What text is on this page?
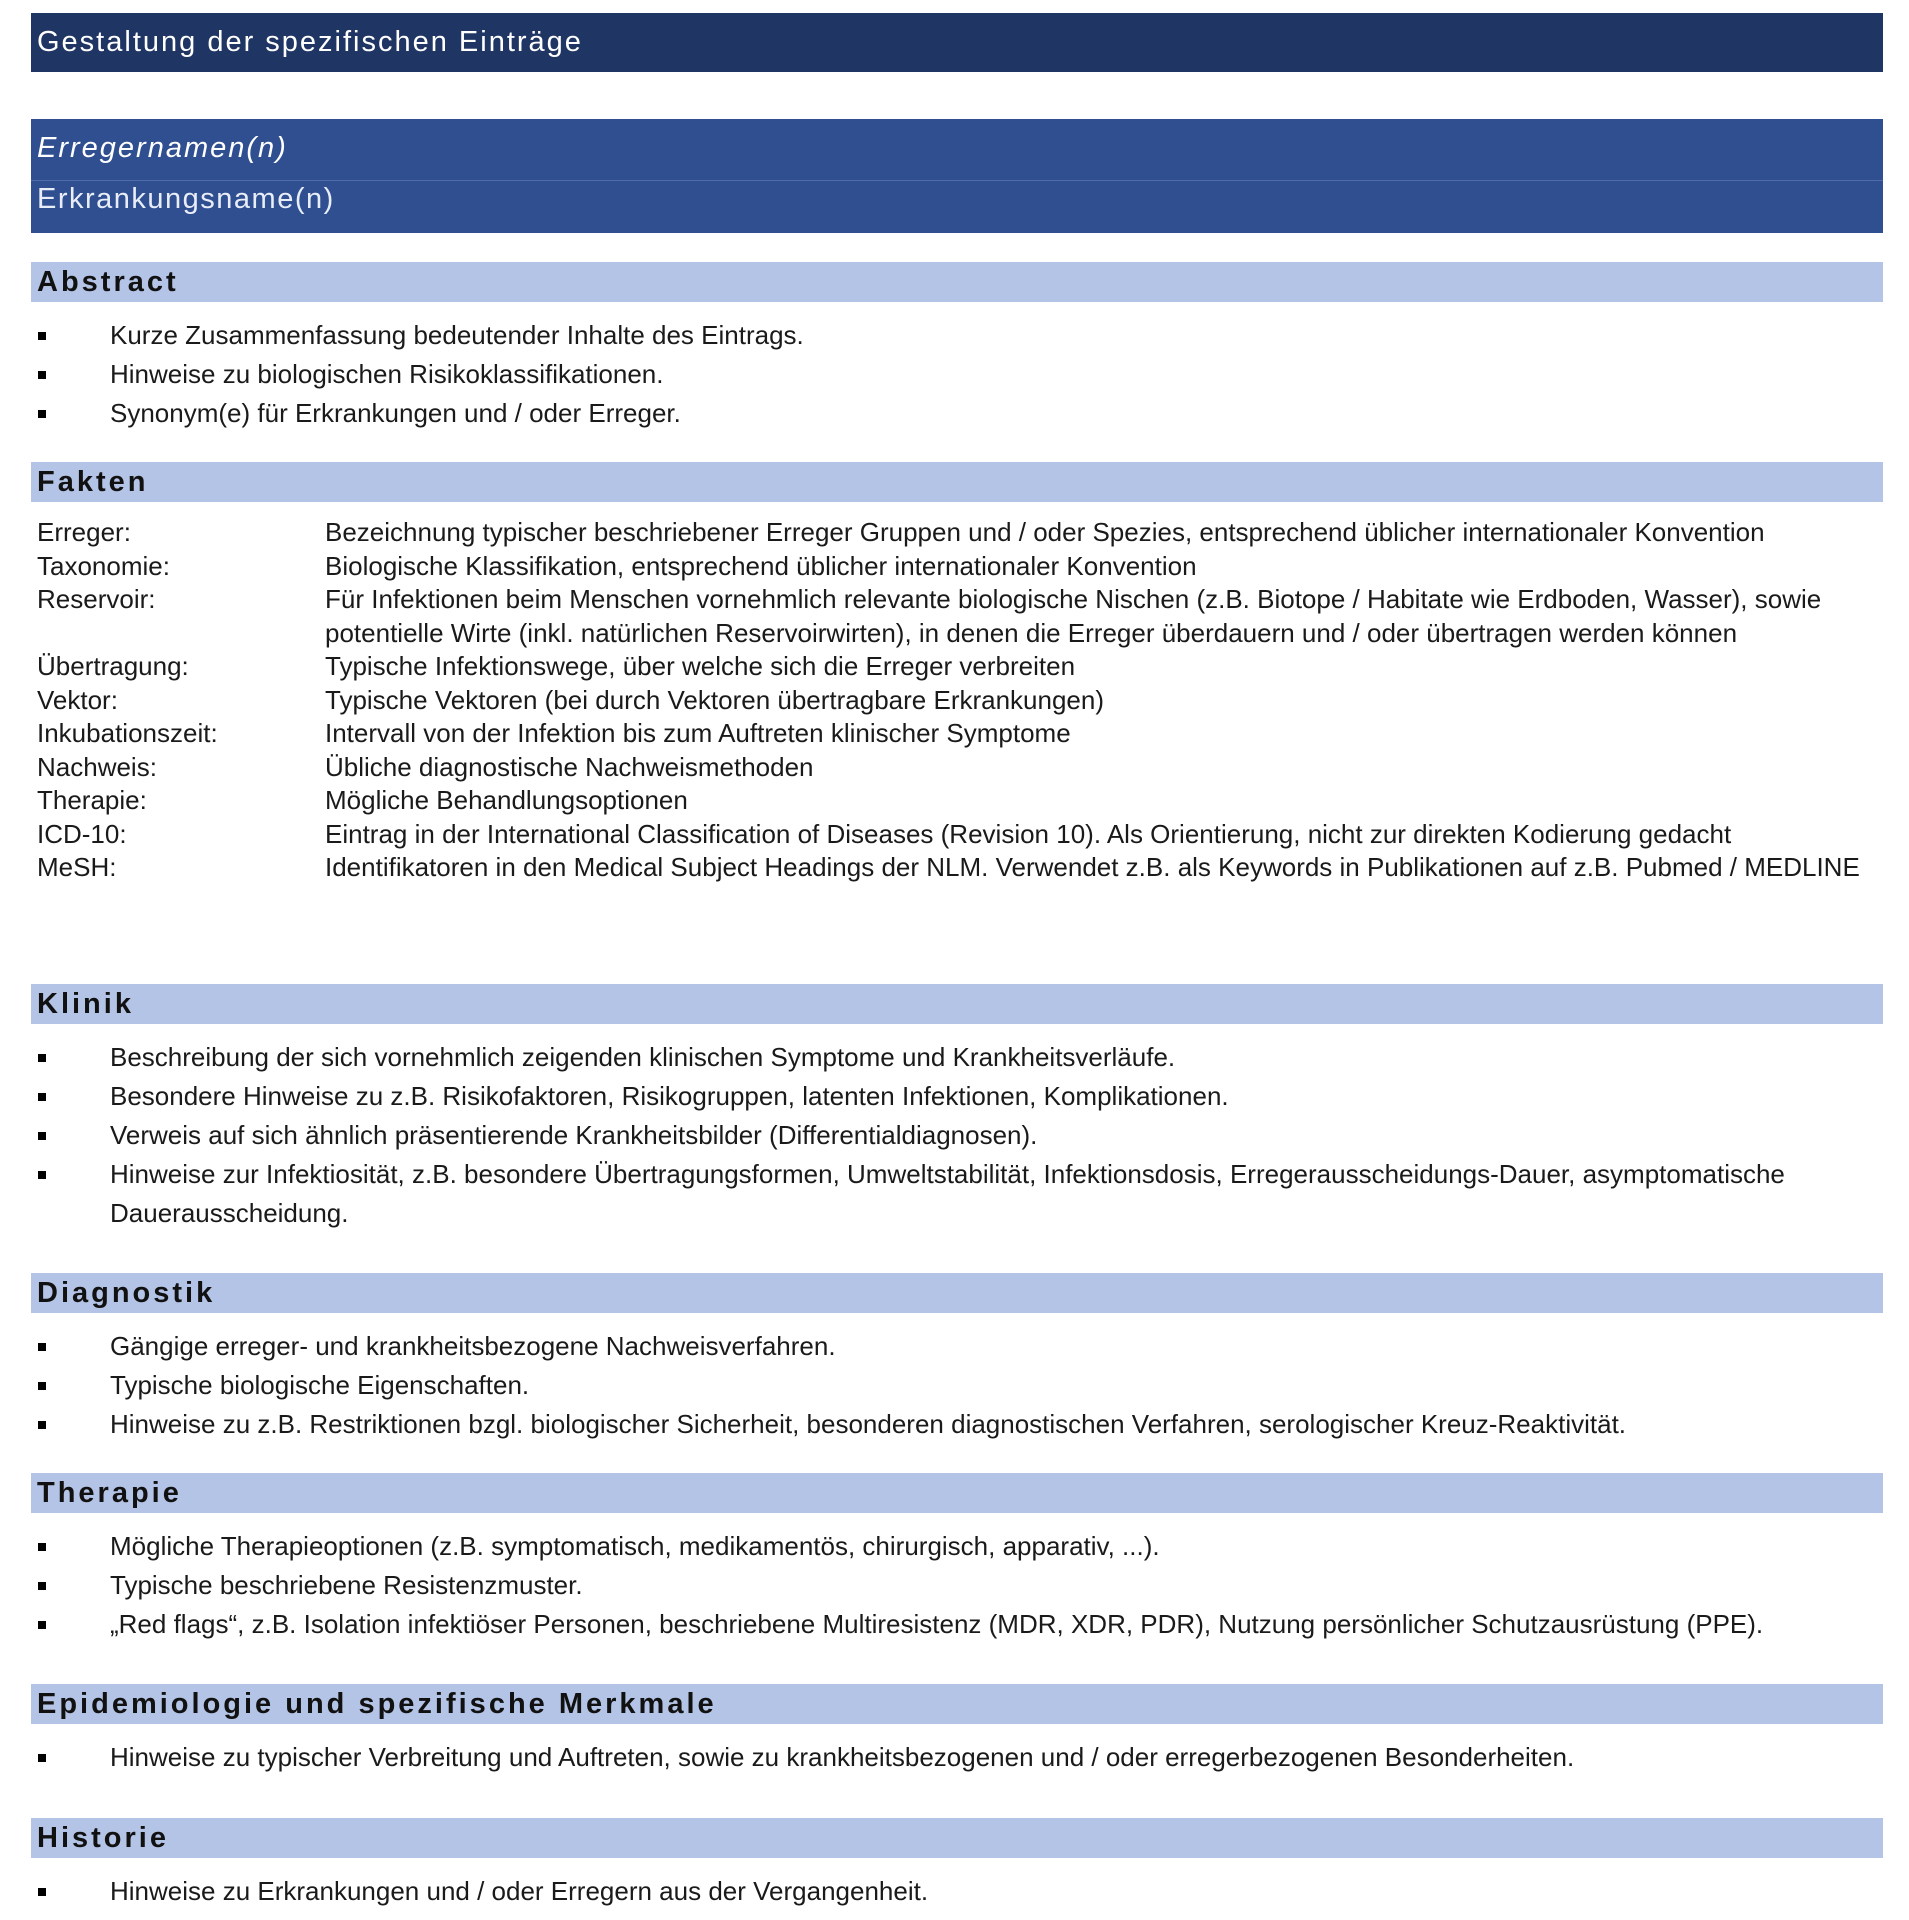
Gestaltung der spezifischen Einträge
Erregernamen(n)
Erkrankungsname(n)
Abstract
Kurze Zusammenfassung bedeutender Inhalte des Eintrags.
Hinweise zu biologischen Risikoklassifikationen.
Synonym(e) für Erkrankungen und / oder Erreger.
Fakten
Erreger:	Bezeichnung typischer beschriebener Erreger Gruppen und / oder Spezies, entsprechend üblicher internationaler Konvention
Taxonomie:	Biologische Klassifikation, entsprechend üblicher internationaler Konvention
Reservoir:	Für Infektionen beim Menschen vornehmlich relevante biologische Nischen (z.B. Biotope / Habitate wie Erdboden, Wasser), sowie potentielle Wirte (inkl. natürlichen Reservoirwirten), in denen die Erreger überdauern und / oder übertragen werden können
Übertragung:	Typische Infektionswege, über welche sich die Erreger verbreiten
Vektor:	Typische Vektoren (bei durch Vektoren übertragbare Erkrankungen)
Inkubationszeit:	Intervall von der Infektion bis zum Auftreten klinischer Symptome
Nachweis:	Übliche diagnostische Nachweismethoden
Therapie:	Mögliche Behandlungsoptionen
ICD-10:	Eintrag in der International Classification of Diseases (Revision 10). Als Orientierung, nicht zur direkten Kodierung gedacht
MeSH:	Identifikatoren in den Medical Subject Headings der NLM. Verwendet z.B. als Keywords in Publikationen auf z.B. Pubmed / MEDLINE
Klinik
Beschreibung der sich vornehmlich zeigenden klinischen Symptome und Krankheitsverläufe.
Besondere Hinweise zu z.B. Risikofaktoren, Risikogruppen, latenten Infektionen, Komplikationen.
Verweis auf sich ähnlich präsentierende Krankheitsbilder (Differentialdiagnosen).
Hinweise zur Infektiosität, z.B. besondere Übertragungsformen, Umweltstabilität, Infektionsdosis, Erregerausscheidungs-Dauer, asymptomatische Dauerausscheidung.
Diagnostik
Gängige erreger- und krankheitsbezogene Nachweisverfahren.
Typische biologische Eigenschaften.
Hinweise zu z.B. Restriktionen bzgl. biologischer Sicherheit, besonderen diagnostischen Verfahren, serologischer Kreuz-Reaktivität.
Therapie
Mögliche Therapieoptionen (z.B. symptomatisch, medikamentös, chirurgisch, apparativ, ...).
Typische beschriebene Resistenzmuster.
„Red flags“, z.B. Isolation infektiöser Personen, beschriebene Multiresistenz (MDR, XDR, PDR), Nutzung persönlicher Schutzausrüstung (PPE).
Epidemiologie und spezifische Merkmale
Hinweise zu typischer Verbreitung und Auftreten, sowie zu krankheitsbezogenen und / oder erregerbezogenen Besonderheiten.
Historie
Hinweise zu Erkrankungen und / oder Erregern aus der Vergangenheit.
